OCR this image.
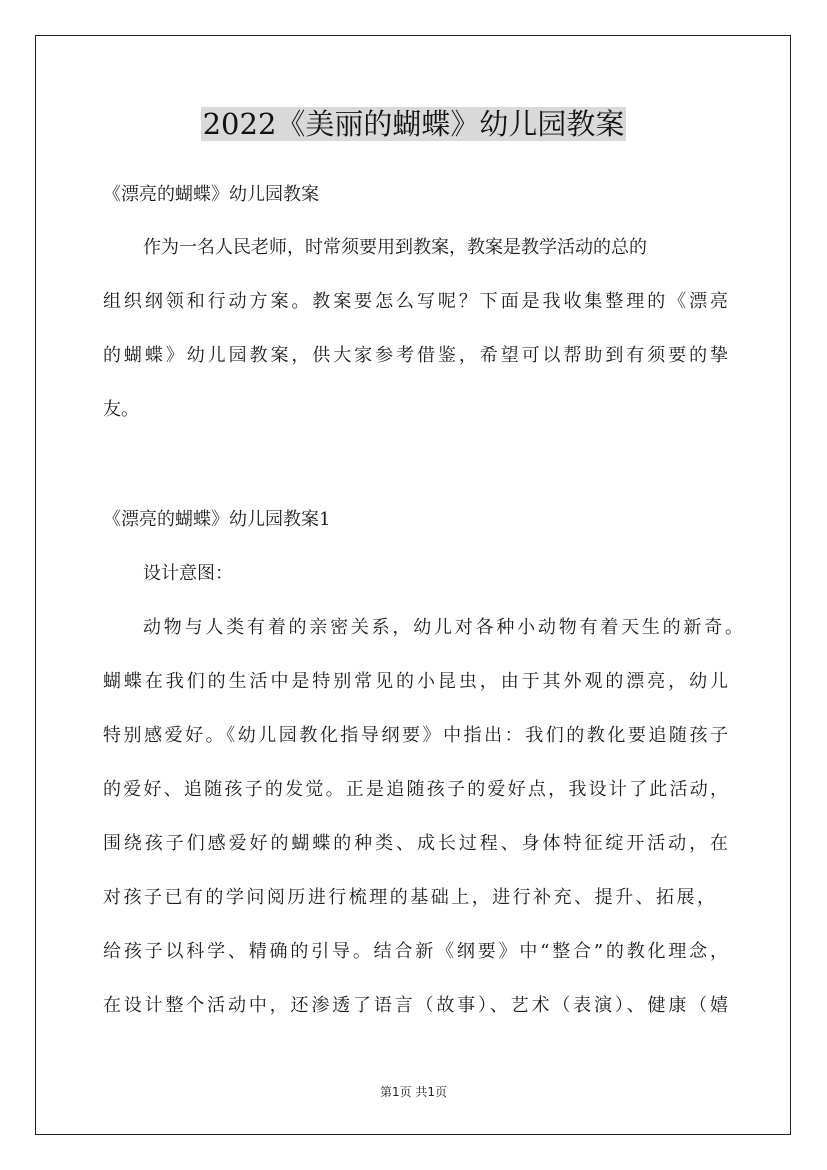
2022《美丽的蝴蝶》幼儿园教案
《漂亮的蝴蝶》幼儿园教案
作为一名人民老师，时常须要用到教案，教案是教学活动的总的
组织纲领和行动方案。教案要怎么写呢？下面是我收集整理的《漂亮
的蝴蝶》幼儿园教案，供大家参考借鉴，希望可以帮助到有须要的挚
友。
《漂亮的蝴蝶》幼儿园教案1
设计意图：
动物与人类有着的亲密关系，幼儿对各种小动物有着天生的新奇。
蝴蝶在我们的生活中是特别常见的小昆虫，由于其外观的漂亮，幼儿
特别感爱好。《幼儿园教化指导纲要》中指出：我们的教化要追随孩子
的爱好、追随孩子的发觉。正是追随孩子的爱好点，我设计了此活动，
围绕孩子们感爱好的蝴蝶的种类、成长过程、身体特征绽开活动，在
对孩子已有的学问阅历进行梳理的基础上，进行补充、提升、拓展，
给孩子以科学、精确的引导。结合新《纲要》中“整合”的教化理念，
在设计整个活动中，还渗透了语言（故事）、艺术（表演）、健康（嬉
第1页 共1页
